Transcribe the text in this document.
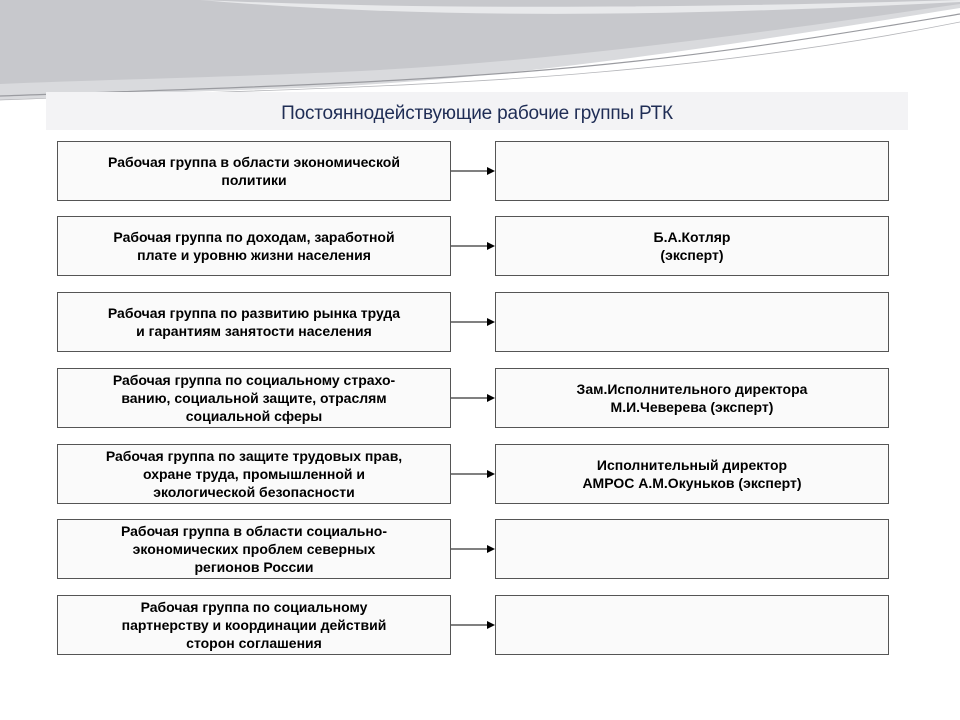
Постояннодействующие рабочие группы РТК
Рабочая группа в области экономической
политики
Рабочая группа по доходам, заработной
плате и уровню жизни населения
Б.А.Котляр
(эксперт)
Рабочая группа по развитию рынка труда
и гарантиям занятости населения
Рабочая группа по социальному страхо-
ванию, социальной защите, отраслям
социальной сферы
Зам.Исполнительного директора
М.И.Чеверева (эксперт)
Рабочая группа по защите трудовых прав,
охране труда, промышленной и
экологической безопасности
Исполнительный директор
АМРОС А.М.Окуньков (эксперт)
Рабочая группа в области социально-
экономических проблем северных
регионов России
Рабочая группа по социальному
партнерству и координации действий
сторон соглашения
